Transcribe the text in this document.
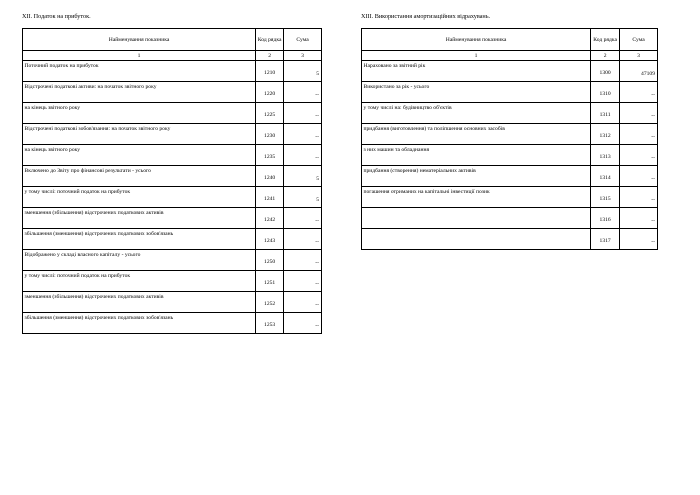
XII. Податок на прибуток.
Найменування показника	Код рядка	Сума
1	2	3
Поточний податок на прибуток	1210	5
Відстрочені податкові активи: на початок звітного року	1220	--
на кінець звітного року	1225	--
Відстрочені податкові зобов'язання: на початок звітного року	1230	--
на кінець звітного року	1235	--
Включено до Звіту про фінансові результати - усього	1240	5
у тому числі: поточний податок на прибуток	1241	5
зменшення (збільшення) відстрочених податкових активів	1242	--
збільшення (зменшення) відстрочених податкових зобов'язань	1243	--
Відображено у складі власного капіталу - усього	1250	--
у тому числі: поточний податок на прибуток	1251	--
зменшення (збільшення) відстрочених податкових активів	1252	--
збільшення (зменшення) відстрочених податкових зобов'язань	1253	--
XIII. Використання амортизаційних відрахувань.
Найменування показника	Код рядка	Сума
1	2	3
Нараховано за звітний рік	1300	47109
Використано за рік - усього	1310	--
у тому числі на: будівництво об'єктів	1311	--
придбання (виготовлення) та поліпшення основних засобів	1312	--
з них машин та обладнання	1313	--
придбання (створення) нематеріальних активів	1314	--
погашення отриманих на капітальні інвестиції позик	1315	--
	1316	--
	1317	--
